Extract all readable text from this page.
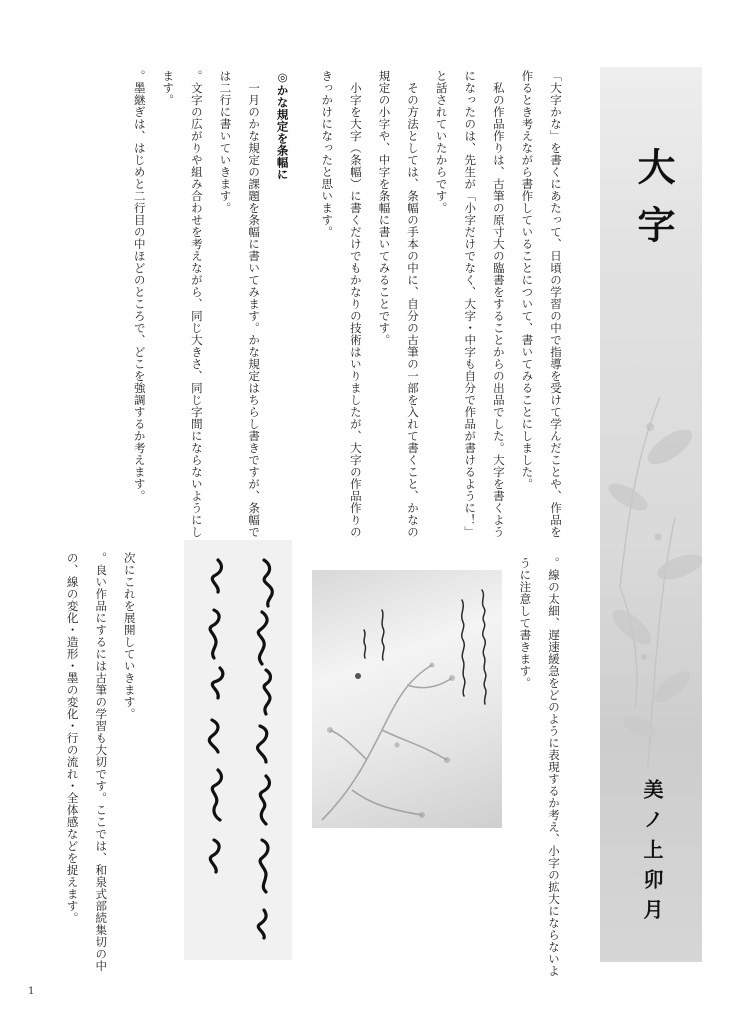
大字
美ノ上卯月

「大字かな」を書くにあたって、日頃の学習の中で指導を受けて学んだことや、作品を作るとき考えながら書作していることについて、書いてみることにしました。

私の作品作りは、古筆の原寸大の臨書をすることからの出品でした。大字を書くようになったのは、先生が「小字だけでなく、大字・中字も自分で作品が書けるように！」と話されていたからです。

その方法としては、条幅の手本の中に、自分の古筆の一部を入れて書くこと、かなの規定の小字や、中字を条幅に書いてみることです。

小字を大字（条幅）に書くだけでもかなりの技術はいりましたが、大字の作品作りのきっかけになったと思います。

◎かな規定を条幅に

一月のかな規定の課題を条幅に書いてみます。かな規定はちらし書きですが、条幅では二行に書いていきます。

。文字の広がりや組み合わせを考えながら、同じ大きさ、同じ字間にならないようにします。

。墨継ぎは、はじめと二行目の中ほどのところで、どこを強調するか考えます。

。線の太細、遅速緩急をどのように表現するか考え、小字の拡大にならないように注意して書きます。

次にこれを展開していきます。

。良い作品にするには古筆の学習も大切です。ここでは、和泉式部続集切の中の、線の変化・造形・墨の変化・行の流れ・全体感などを捉えます。

1
